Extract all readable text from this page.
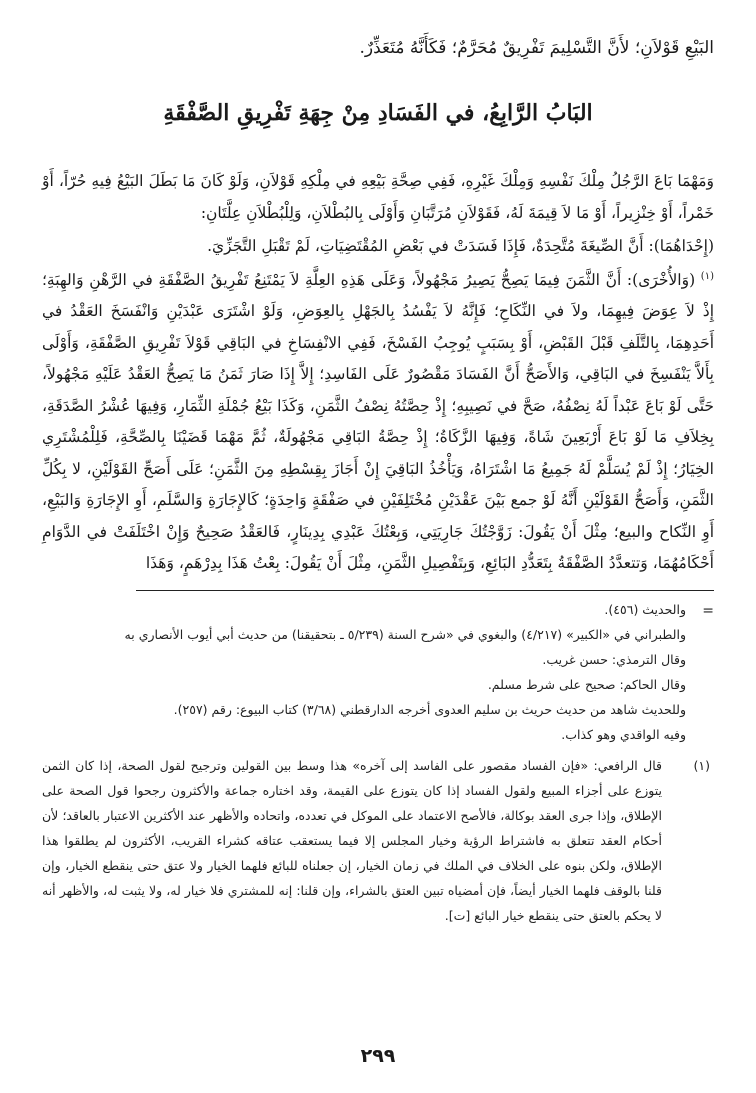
البَيْعِ قَوْلاَنِ؛ لأَنَّ التَّسْلِيمَ تَفْرِيقٌ مُحَرَّمٌ؛ فَكَأَنَّهُ مُتَعَذِّرٌ.

البَابُ الرَّابِعُ، في الفَسَادِ مِنْ جِهَةِ تَفْرِيقِ الصَّفْقَةِ

وَمَهْمَا بَاعَ الرَّجُلُ مِلْكَ نَفْسِهِ وَمِلْكَ غَيْرِهِ، فَفِي صِحَّةِ بَيْعِهِ في مِلْكِهِ قَوْلاَنِ، وَلَوْ كَانَ مَا بَطَلَ البَيْعُ فِيهِ حُرّاً، أَوْ خَمْراً، أَوْ خِنْزِيراً، أَوْ مَا لاَ قِيمَةَ لَهُ، فَقَوْلاَنِ مُرَتَّبَانِ وَأَوْلَى بِالبُطْلاَنِ، وَلِلْبُطْلاَنِ عِلَّتَانِ:

(إِحْدَاهُمَا): أَنَّ الصِّيغَةَ مُتَّحِدَةٌ، فَإِذَا فَسَدَتْ في بَعْضِ المُقْتَضِيَاتِ، لَمْ تَقْبَلِ التَّجَزِّيَ.

$^{(١)}$ (وَالأُخْرَى): أَنَّ الثَّمَنَ فِيمَا يَصِحُّ يَصِيرُ مَجْهُولاً، وَعَلَى هَذِهِ العِلَّةِ لاَ يَمْتَنِعُ تَفْرِيقُ الصَّفْقَةِ في الرَّهْنِ وَالهِبَةِ؛ إِذْ لاَ عِوَضَ فِيهِمَا، ولاَ في النِّكَاحِ؛ فَإِنَّهُ لاَ يَفْسُدُ بِالجَهْلِ بِالعِوَضِ، وَلَوْ اشْتَرَى عَبْدَيْنِ وَانْفَسَخَ العَقْدُ في أَحَدِهِمَا، بِالتَّلَفِ قَبْلَ القَبْضِ، أَوْ بِسَبَبٍ يُوجِبُ الفَسْخَ، فَفِي الانْفِسَاخِ في البَاقِي قَوْلاَ تَفْرِيقِ الصَّفْقَةِ، وَأَوْلَى بِأَلاَّ يَنْفَسِخَ في البَاقِي، وَالأَصَحُّ أَنَّ الفَسَادَ مَقْصُورٌ عَلَى الفَاسِدِ؛ إِلاَّ إِذَا صَارَ ثَمَنُ مَا يَصِحُّ العَقْدُ عَلَيْهِ مَجْهُولاً، حَتَّى لَوْ بَاعَ عَبْداً لَهُ نِصْفُهُ، صَحَّ في نَصِيبِهِ؛ إِذْ حِصَّتُهُ نِصْفُ الثَّمَنِ، وَكَذَا بَيْعُ جُمْلَةِ الثِّمَارِ، وَفِيهَا عُشْرُ الصَّدَقَةِ، بِخِلاَفِ مَا لَوْ بَاعَ أَرْبَعِينَ شَاةً، وَفِيهَا الزَّكَاةُ؛ إِذْ حِصَّةُ البَاقِي مَجْهُولَةٌ، ثُمَّ مَهْمَا قَضَيْنَا بِالصِّحَّةِ، فَلِلْمُشْتَرِي الخِيَارُ؛ إِذْ لَمْ يُسَلَّمْ لَهُ جَمِيعُ مَا اشْتَرَاهُ، وَيَأْخُذُ البَاقِيَ إِنْ أَجَازَ بِقِسْطِهِ مِنَ الثَّمَنِ؛ عَلَى أَصَحِّ القَوْلَيْنِ، لا بِكُلِّ الثَّمَنِ، وَأَصَحُّ القَوْلَيْنِ أَنَّهُ لَوْ جمع بَيْنَ عَقْدَيْنِ مُخْتَلِفَيْنِ في صَفْقَةٍ وَاحِدَةٍ؛ كَالإِجَارَةِ وَالسَّلَمِ، أَوِ الإِجَارَةِ وَالبَيْعِ، أَوِ النِّكاح والبيع؛ مِثْلَ أَنْ يَقُولَ: زَوَّجْتُكَ جَارِيَتِي، وَبِعْتُكَ عَبْدِي بِدِينَارٍ، فَالعَقْدُ صَحِيحٌ وَإِنْ اخْتَلَفَتْ في الدَّوَامِ أَحْكَامُهُمَا، وَتتعدَّدُ الصَّفْقَةُ بِتَعَدُّدِ البَائِعِ، وَبِتَفْصِيلِ الثَّمَنِ، مِثْلَ أَنْ يَقُولَ: بِعْتُ هَذَا بِدِرْهَمٍ، وَهَذَا

=

والحديث (٤٥٦).

والطبراني في «الكبير» (٤/٢١٧) والبغوي في «شرح السنة (٥/٢٣٩ ـ بتحقيقنا) من حديث أبي أيوب الأنصاري به

وقال الترمذي: حسن غريب.

وقال الحاكم: صحيح على شرط مسلم.

وللحديث شاهد من حديث حريث بن سليم العدوى أخرجه الدارقطني (٣/٦٨) كتاب البيوع: رقم (٢٥٧).

وفيه الواقدي وهو كذاب.

(١)

قال الرافعي: «فإن الفساد مقصور على الفاسد إلى آخره» هذا وسط بين القولين وترجيح لقول الصحة، إذا كان الثمن يتوزع على أجزاء المبيع ولقول الفساد إذا كان يتوزع على القيمة، وقد اختاره جماعة والأكثرون رجحوا قول الصحة على الإطلاق، وإذا جرى العقد بوكالة، فالأصح الاعتماد على الموكل في تعدده، واتحاده والأظهر عند الأكثرين الاعتبار بالعاقد؛ لأن أحكام العقد تتعلق به فاشتراط الرؤية وخيار المجلس إلا فيما يستعقب عتاقه كشراء القريب، الأكثرون لم يطلقوا هذا الإطلاق، ولكن بنوه على الخلاف في الملك في زمان الخيار، إن جعلناه للبائع فلهما الخيار ولا عتق حتى ينقطع الخيار، وإن قلنا بالوقف فلهما الخيار أيضاً، فإن أمضياه تبين العتق بالشراء، وإن قلنا: إنه للمشتري فلا خيار له، ولا يثبت له، والأظهر أنه لا يحكم بالعتق حتى ينقطع خيار البائع [ت].

٢٩٩
